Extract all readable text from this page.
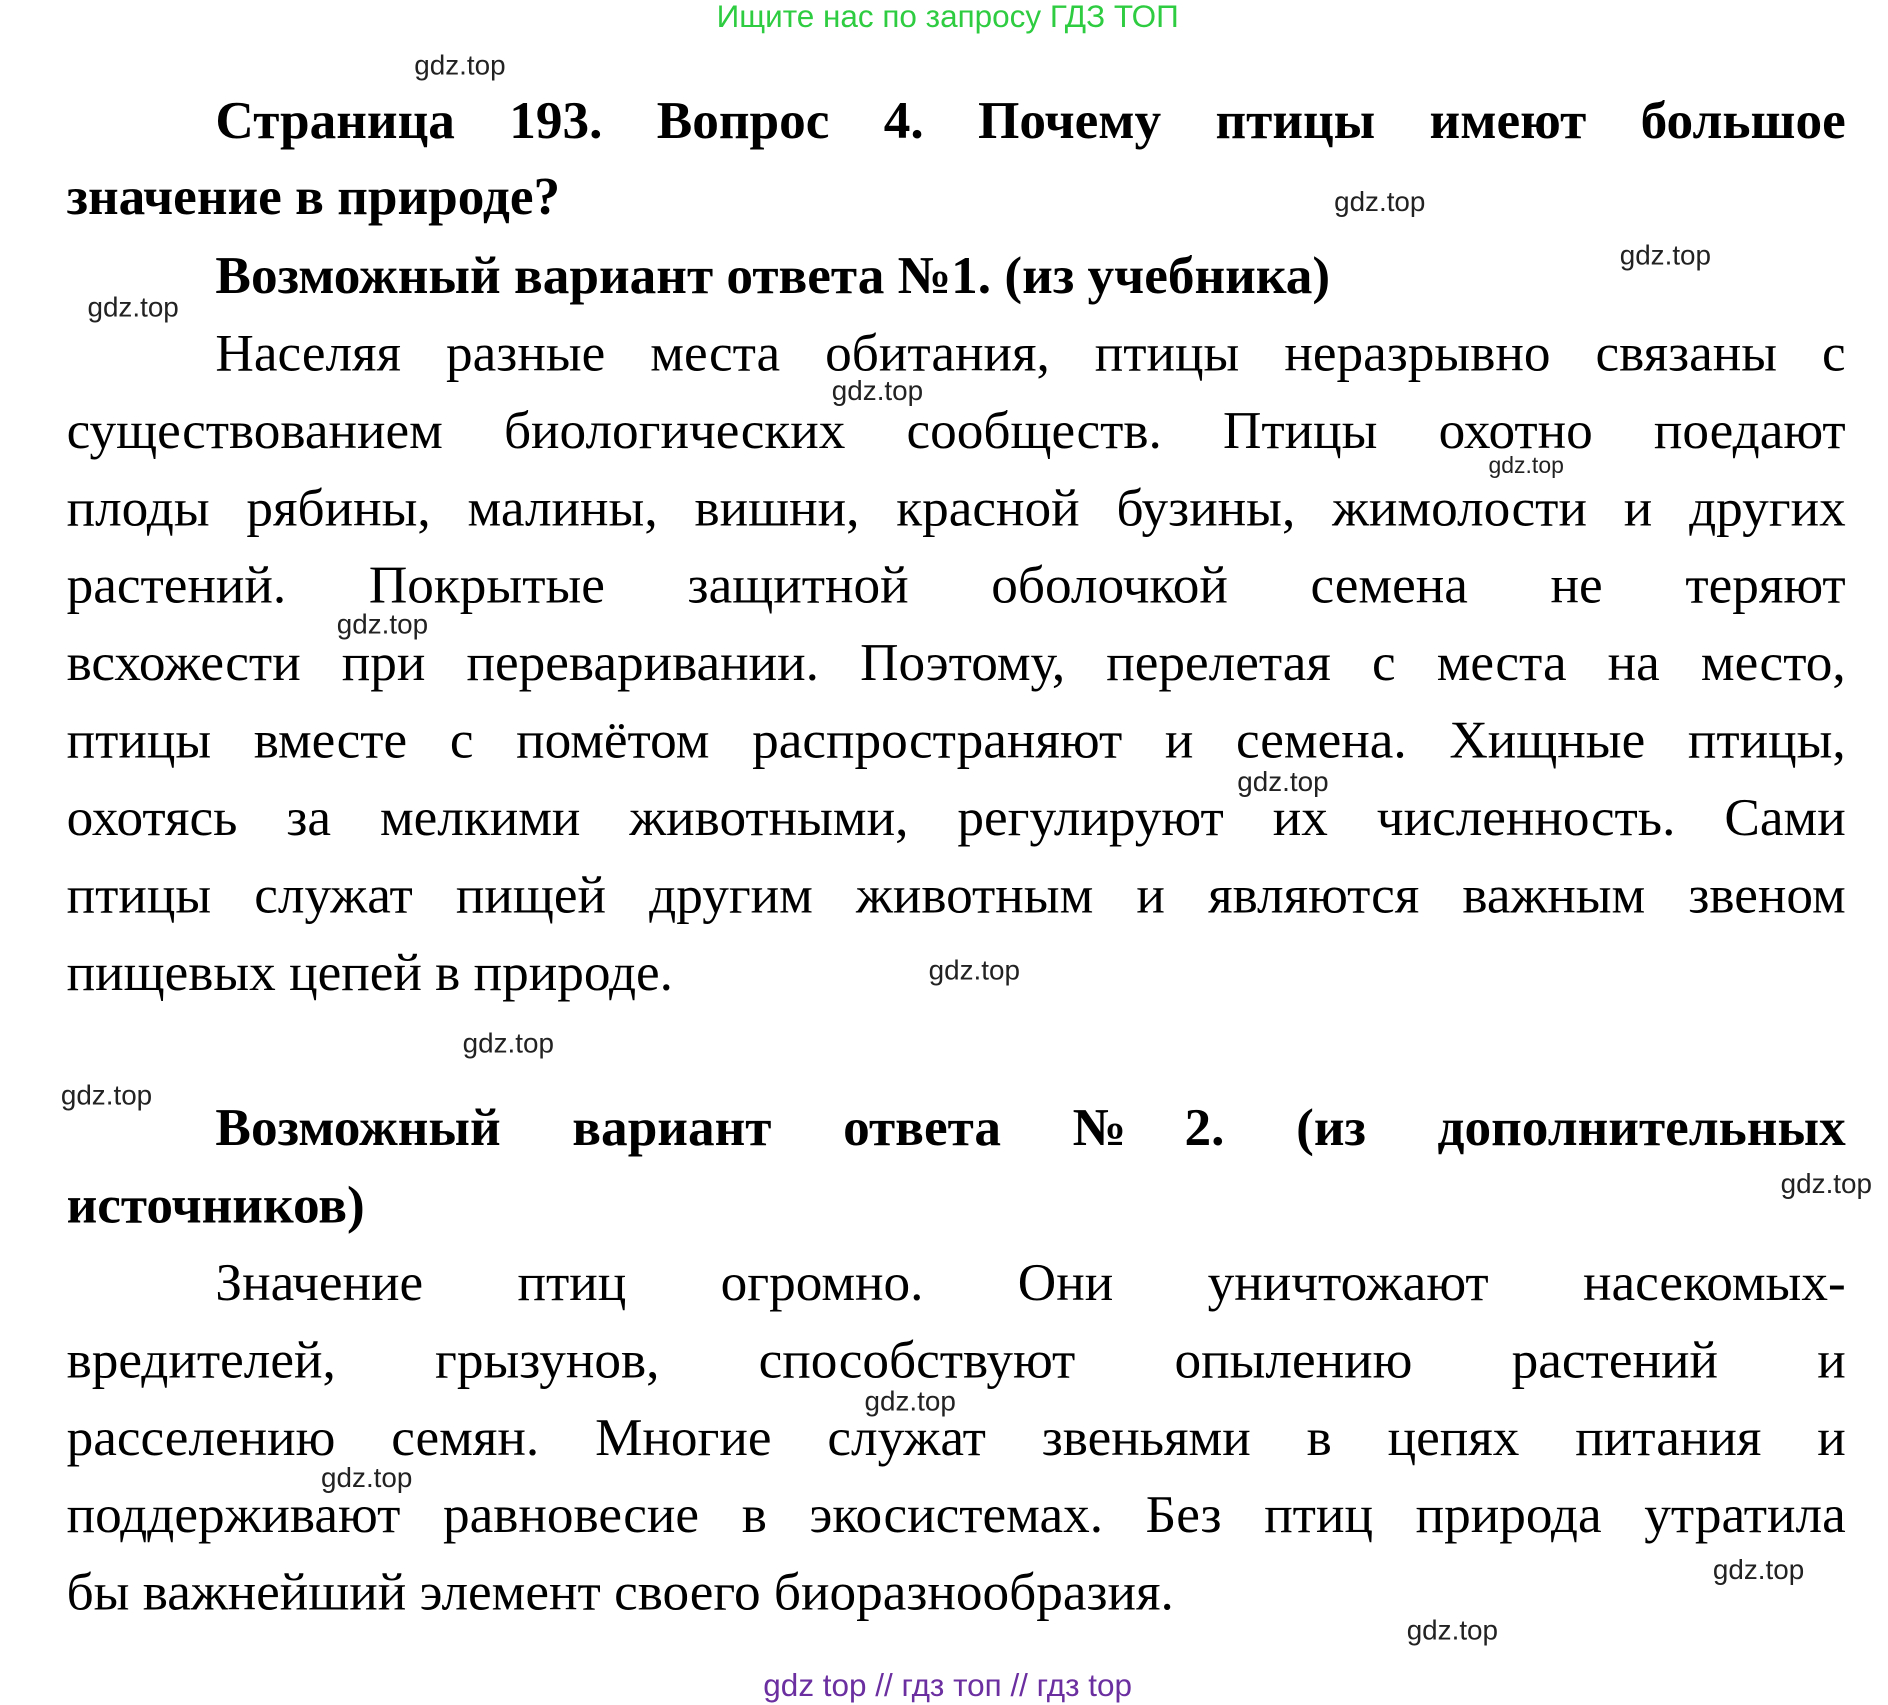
Ищите нас по запросу ГДЗ ТОП
Страница 193. Вопрос 4. Почему птицы имеют большое
значение в природе?
Возможный вариант ответа №1. (из учебника)
Населяя разные места обитания, птицы неразрывно связаны с
существованием биологических сообществ. Птицы охотно поедают
плоды рябины, малины, вишни, красной бузины, жимолости и других
растений. Покрытые защитной оболочкой семена не теряют
всхожести при переваривании. Поэтому, перелетая с места на место,
птицы вместе с помётом распространяют и семена. Хищные птицы,
охотясь за мелкими животными, регулируют их численность. Сами
птицы служат пищей другим животным и являются важным звеном
пищевых цепей в природе.
Возможный вариант ответа №2. (из дополнительных
источников)
Значение птиц огромно. Они уничтожают насекомых-
вредителей, грызунов, способствуют опылению растений и
расселению семян. Многие служат звеньями в цепях питания и
поддерживают равновесие в экосистемах. Без птиц природа утратила
бы важнейший элемент своего биоразнообразия.
gdz.top
gdz.top
gdz.top
gdz.top
gdz.top
gdz.top
gdz.top
gdz.top
gdz.top
gdz.top
gdz.top
gdz.top
gdz.top
gdz.top
gdz.top
gdz.top
gdz top // гдз топ // гдз top
